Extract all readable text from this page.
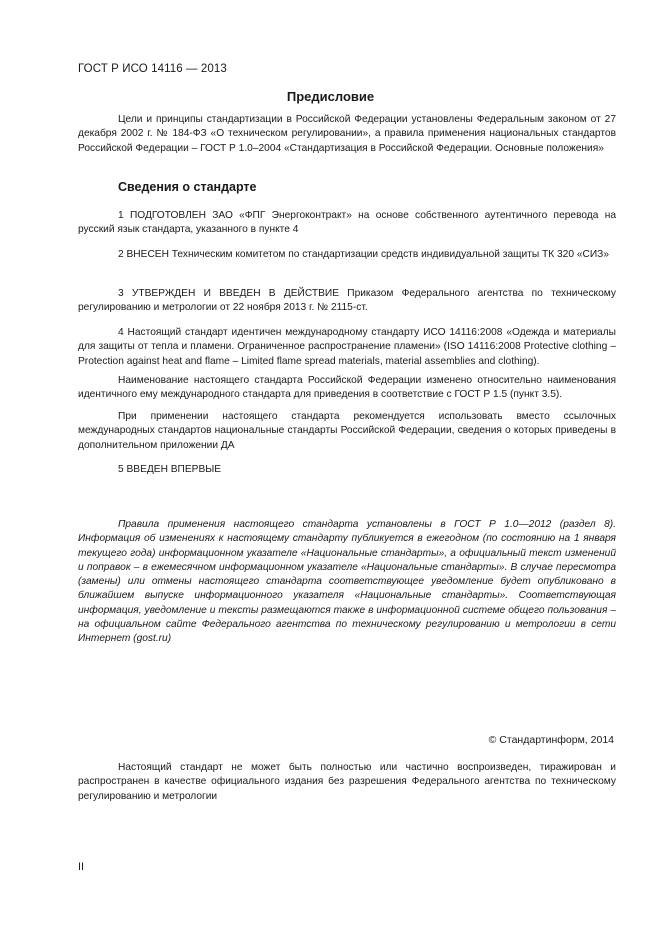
ГОСТ Р ИСО 14116 — 2013
Предисловие
Цели и принципы стандартизации в Российской Федерации установлены Федеральным законом от 27 декабря 2002 г. № 184-ФЗ «О техническом регулировании», а правила применения национальных стандартов Российской Федерации – ГОСТ Р 1.0–2004 «Стандартизация в Российской Федерации. Основные положения»
Сведения о стандарте
1 ПОДГОТОВЛЕН ЗАО «ФПГ Энергоконтракт» на основе собственного аутентичного перевода на русский язык стандарта, указанного в пункте 4
2 ВНЕСЕН Техническим комитетом по стандартизации средств индивидуальной защиты ТК 320 «СИЗ»
3 УТВЕРЖДЕН И ВВЕДЕН В ДЕЙСТВИЕ Приказом Федерального агентства по техническому регулированию и метрологии от 22 ноября 2013 г. № 2115-ст.
4 Настоящий стандарт идентичен международному стандарту ИСО 14116:2008 «Одежда и материалы для защиты от тепла и пламени. Ограниченное распространение пламени» (ISO 14116:2008 Protective clothing – Protection against heat and flame – Limited flame spread materials, material assemblies and clothing).
Наименование настоящего стандарта Российской Федерации изменено относительно наименования идентичного ему международного стандарта для приведения в соответствие с ГОСТ Р 1.5 (пункт 3.5).
При применении настоящего стандарта рекомендуется использовать вместо ссылочных международных стандартов национальные стандарты Российской Федерации, сведения о которых приведены в дополнительном приложении ДА
5 ВВЕДЕН ВПЕРВЫЕ
Правила применения настоящего стандарта установлены в ГОСТ Р 1.0—2012 (раздел 8). Информация об изменениях к настоящему стандарту публикуется в ежегодном (по состоянию на 1 января текущего года) информационном указателе «Национальные стандарты», а официальный текст изменений и поправок – в ежемесячном информационном указателе «Национальные стандарты». В случае пересмотра (замены) или отмены настоящего стандарта соответствующее уведомление будет опубликовано в ближайшем выпуске информационного указателя «Национальные стандарты». Соответствующая информация, уведомление и тексты размещаются также в информационной системе общего пользования – на официальном сайте Федерального агентства по техническому регулированию и метрологии в сети Интернет (gost.ru)
© Стандартинформ, 2014
Настоящий стандарт не может быть полностью или частично воспроизведен, тиражирован и распространен в качестве официального издания без разрешения Федерального агентства по техническому регулированию и метрологии
II
